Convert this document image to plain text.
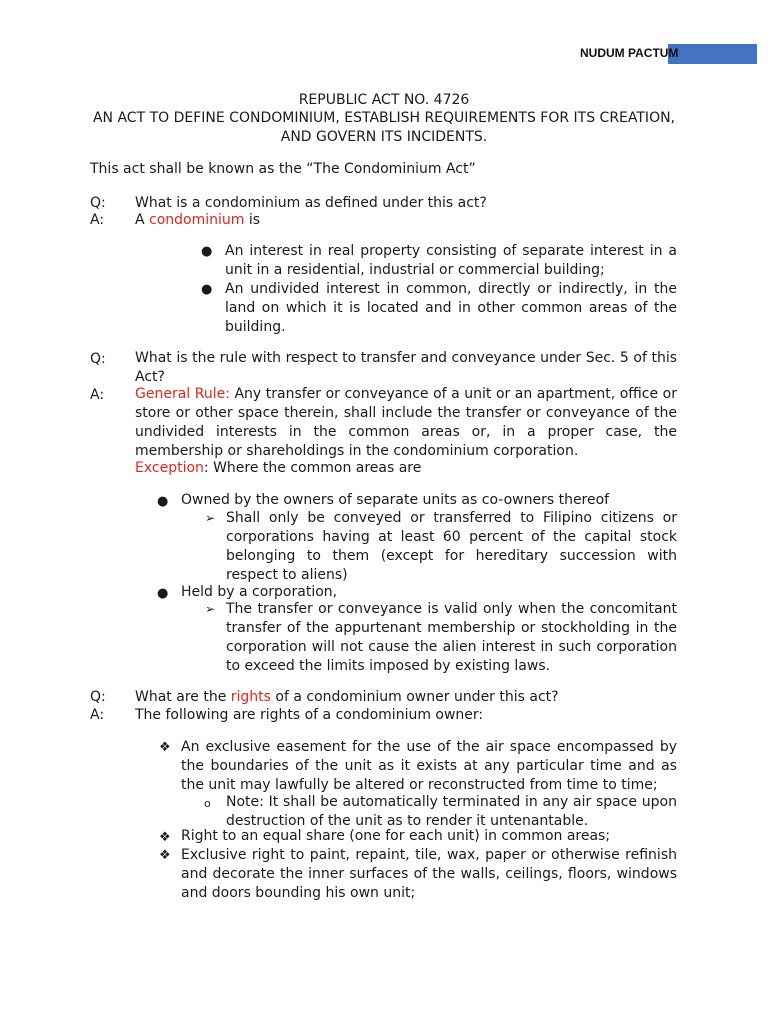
NUDUM PACTUM
REPUBLIC ACT NO. 4726
AN ACT TO DEFINE CONDOMINIUM, ESTABLISH REQUIREMENTS FOR ITS CREATION,
AND GOVERN ITS INCIDENTS.
This act shall be known as the “The Condominium Act”
Q: What is a condominium as defined under this act?
A: A condominium is
● An interest in real property consisting of separate interest in a unit in a residential, industrial or commercial building;
● An undivided interest in common, directly or indirectly, in the land on which it is located and in other common areas of the building.
Q: What is the rule with respect to transfer and conveyance under Sec. 5 of this Act?
A: General Rule: Any transfer or conveyance of a unit or an apartment, office or store or other space therein, shall include the transfer or conveyance of the undivided interests in the common areas or, in a proper case, the membership or shareholdings in the condominium corporation.
Exception: Where the common areas are
● Owned by the owners of separate units as co-owners thereof
➢ Shall only be conveyed or transferred to Filipino citizens or corporations having at least 60 percent of the capital stock belonging to them (except for hereditary succession with respect to aliens)
● Held by a corporation,
➢ The transfer or conveyance is valid only when the concomitant transfer of the appurtenant membership or stockholding in the corporation will not cause the alien interest in such corporation to exceed the limits imposed by existing laws.
Q: What are the rights of a condominium owner under this act?
A: The following are rights of a condominium owner:
❖ An exclusive easement for the use of the air space encompassed by the boundaries of the unit as it exists at any particular time and as the unit may lawfully be altered or reconstructed from time to time;
o Note: It shall be automatically terminated in any air space upon destruction of the unit as to render it untenantable.
❖ Right to an equal share (one for each unit) in common areas;
❖ Exclusive right to paint, repaint, tile, wax, paper or otherwise refinish and decorate the inner surfaces of the walls, ceilings, floors, windows and doors bounding his own unit;
